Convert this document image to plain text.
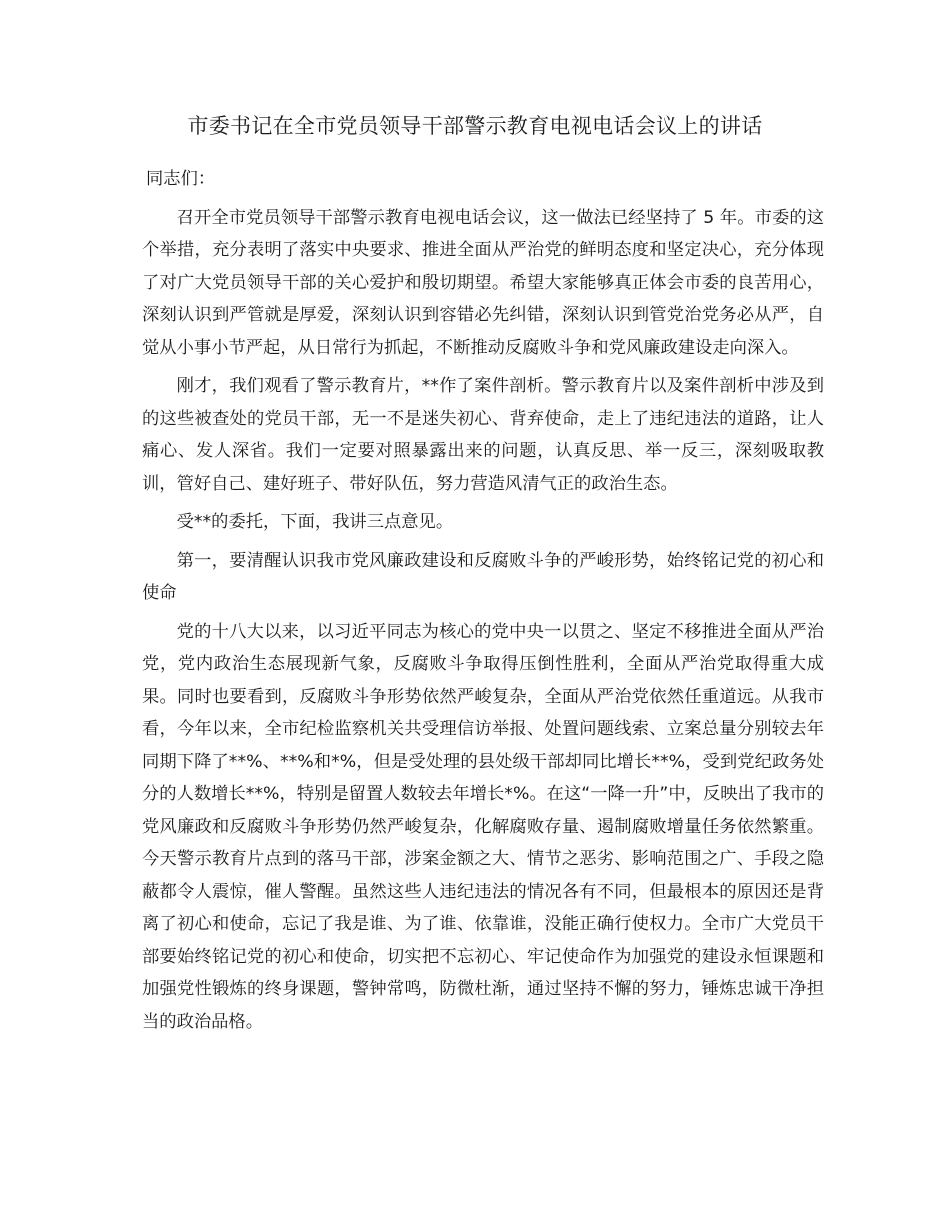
市委书记在全市党员领导干部警示教育电视电话会议上的讲话

同志们：

召开全市党员领导干部警示教育电视电话会议，这一做法已经坚持了 5 年。市委的这个举措，充分表明了落实中央要求、推进全面从严治党的鲜明态度和坚定决心，充分体现了对广大党员领导干部的关心爱护和殷切期望。希望大家能够真正体会市委的良苦用心，深刻认识到严管就是厚爱，深刻认识到容错必先纠错，深刻认识到管党治党务必从严，自觉从小事小节严起，从日常行为抓起，不断推动反腐败斗争和党风廉政建设走向深入。

刚才，我们观看了警示教育片，**作了案件剖析。警示教育片以及案件剖析中涉及到的这些被查处的党员干部，无一不是迷失初心、背弃使命，走上了违纪违法的道路，让人痛心、发人深省。我们一定要对照暴露出来的问题，认真反思、举一反三，深刻吸取教训，管好自己、建好班子、带好队伍，努力营造风清气正的政治生态。

受**的委托，下面，我讲三点意见。

第一，要清醒认识我市党风廉政建设和反腐败斗争的严峻形势，始终铭记党的初心和使命

党的十八大以来，以习近平同志为核心的党中央一以贯之、坚定不移推进全面从严治党，党内政治生态展现新气象，反腐败斗争取得压倒性胜利，全面从严治党取得重大成果。同时也要看到，反腐败斗争形势依然严峻复杂，全面从严治党依然任重道远。从我市看，今年以来，全市纪检监察机关共受理信访举报、处置问题线索、立案总量分别较去年同期下降了**%、**%和*%，但是受处理的县处级干部却同比增长**%，受到党纪政务处分的人数增长**%，特别是留置人数较去年增长*%。在这“一降一升”中，反映出了我市的党风廉政和反腐败斗争形势仍然严峻复杂，化解腐败存量、遏制腐败增量任务依然繁重。今天警示教育片点到的落马干部，涉案金额之大、情节之恶劣、影响范围之广、手段之隐蔽都令人震惊，催人警醒。虽然这些人违纪违法的情况各有不同，但最根本的原因还是背离了初心和使命，忘记了我是谁、为了谁、依靠谁，没能正确行使权力。全市广大党员干部要始终铭记党的初心和使命，切实把不忘初心、牢记使命作为加强党的建设永恒课题和加强党性锻炼的终身课题，警钟常鸣，防微杜渐，通过坚持不懈的努力，锤炼忠诚干净担当的政治品格。
